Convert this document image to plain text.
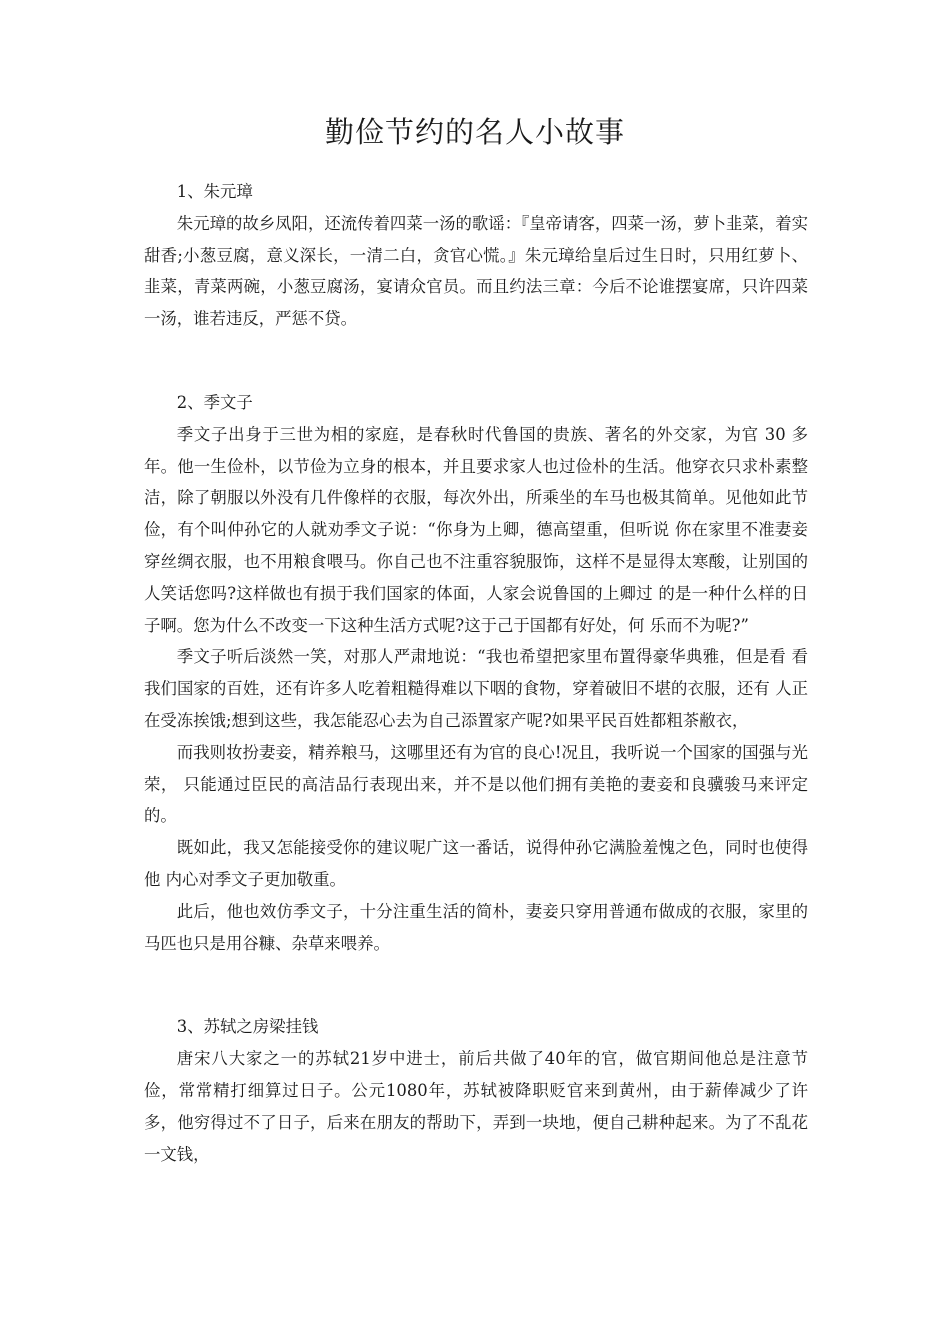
勤俭节约的名人小故事

1、朱元璋

朱元璋的故乡凤阳，还流传着四菜一汤的歌谣：『皇帝请客，四菜一汤，萝卜韭菜，着实甜香;小葱豆腐，意义深长，一清二白，贪官心慌。』朱元璋给皇后过生日时，只用红萝卜、韭菜，青菜两碗，小葱豆腐汤，宴请众官员。而且约法三章：今后不论谁摆宴席，只许四菜一汤，谁若违反，严惩不贷。

2、季文子

季文子出身于三世为相的家庭，是春秋时代鲁国的贵族、著名的外交家，为官 30 多年。他一生俭朴，以节俭为立身的根本，并且要求家人也过俭朴的生活。他穿衣只求朴素整洁，除了朝服以外没有几件像样的衣服，每次外出，所乘坐的车马也极其简单。见他如此节俭，有个叫仲孙它的人就劝季文子说：“你身为上卿，德高望重，但听说 你在家里不准妻妾穿丝绸衣服，也不用粮食喂马。你自己也不注重容貌服饰，这样不是显得太寒酸，让别国的人笑话您吗?这样做也有损于我们国家的体面，人家会说鲁国的上卿过 的是一种什么样的日子啊。您为什么不改变一下这种生活方式呢?这于己于国都有好处，何 乐而不为呢?”

季文子听后淡然一笑，对那人严肃地说：“我也希望把家里布置得豪华典雅，但是看 看我们国家的百姓，还有许多人吃着粗糙得难以下咽的食物，穿着破旧不堪的衣服，还有 人正在受冻挨饿;想到这些，我怎能忍心去为自己添置家产呢?如果平民百姓都粗茶敝衣，

而我则妆扮妻妾，精养粮马，这哪里还有为官的良心!况且，我听说一个国家的国强与光荣， 只能通过臣民的高洁品行表现出来，并不是以他们拥有美艳的妻妾和良骥骏马来评定的。

既如此，我又怎能接受你的建议呢广这一番话，说得仲孙它满脸羞愧之色，同时也使得他 内心对季文子更加敬重。

此后，他也效仿季文子，十分注重生活的简朴，妻妾只穿用普通布做成的衣服，家里的马匹也只是用谷糠、杂草来喂养。

3、苏轼之房梁挂钱

唐宋八大家之一的苏轼21岁中进士，前后共做了40年的官，做官期间他总是注意节俭，常常精打细算过日子。公元1080年，苏轼被降职贬官来到黄州，由于薪俸减少了许多，他穷得过不了日子，后来在朋友的帮助下，弄到一块地，便自己耕种起来。为了不乱花一文钱，
